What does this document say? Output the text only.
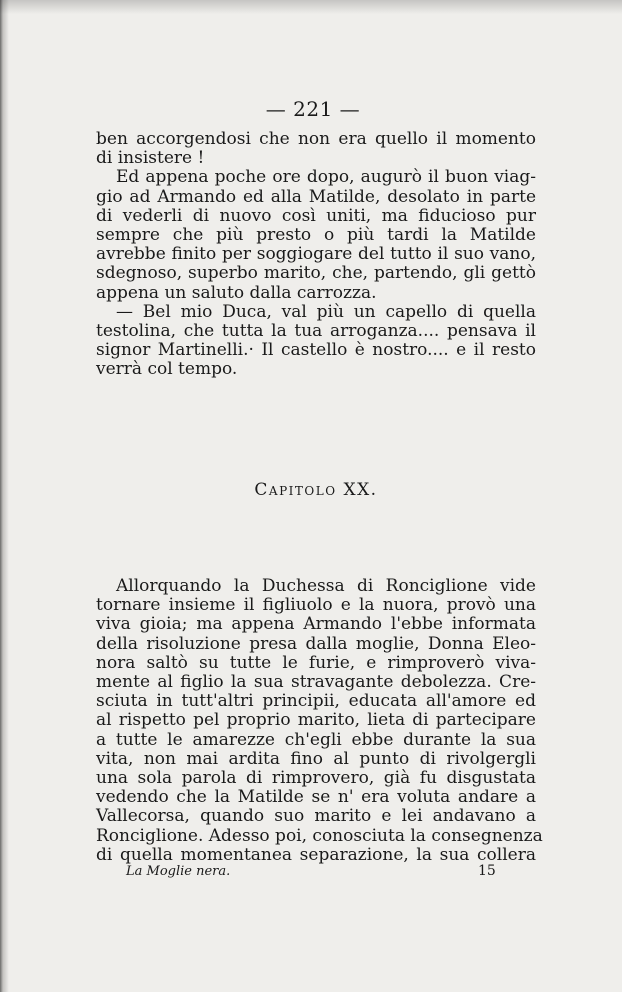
— 221 —
ben accorgendosi che non era quello il momento
di insistere !
Ed appena poche ore dopo, augurò il buon viag-
gio ad Armando ed alla Matilde, desolato in parte
di vederli di nuovo così uniti, ma fiducioso pur
sempre che più presto o più tardi la Matilde
avrebbe finito per soggiogare del tutto il suo vano,
sdegnoso, superbo marito, che, partendo, gli gettò
appena un saluto dalla carrozza.
— Bel mio Duca, val più un capello di quella
testolina, che tutta la tua arroganza.... pensava il
signor Martinelli.· Il castello è nostro.... e il resto
verrà col tempo.
Capitolo XX.
Allorquando la Duchessa di Ronciglione vide
tornare insieme il figliuolo e la nuora, provò una
viva gioia; ma appena Armando l'ebbe informata
della risoluzione presa dalla moglie, Donna Eleo-
nora saltò su tutte le furie, e rimproverò viva-
mente al figlio la sua stravagante debolezza. Cre-
sciuta in tutt'altri principii, educata all'amore ed
al rispetto pel proprio marito, lieta di partecipare
a tutte le amarezze ch'egli ebbe durante la sua
vita, non mai ardita fino al punto di rivolgergli
una sola parola di rimprovero, già fu disgustata
vedendo che la Matilde se n' era voluta andare a
Vallecorsa, quando suo marito e lei andavano a
Ronciglione. Adesso poi, conosciuta la consegnenza
di quella momentanea separazione, la sua collera
La Moglie nera.	15
